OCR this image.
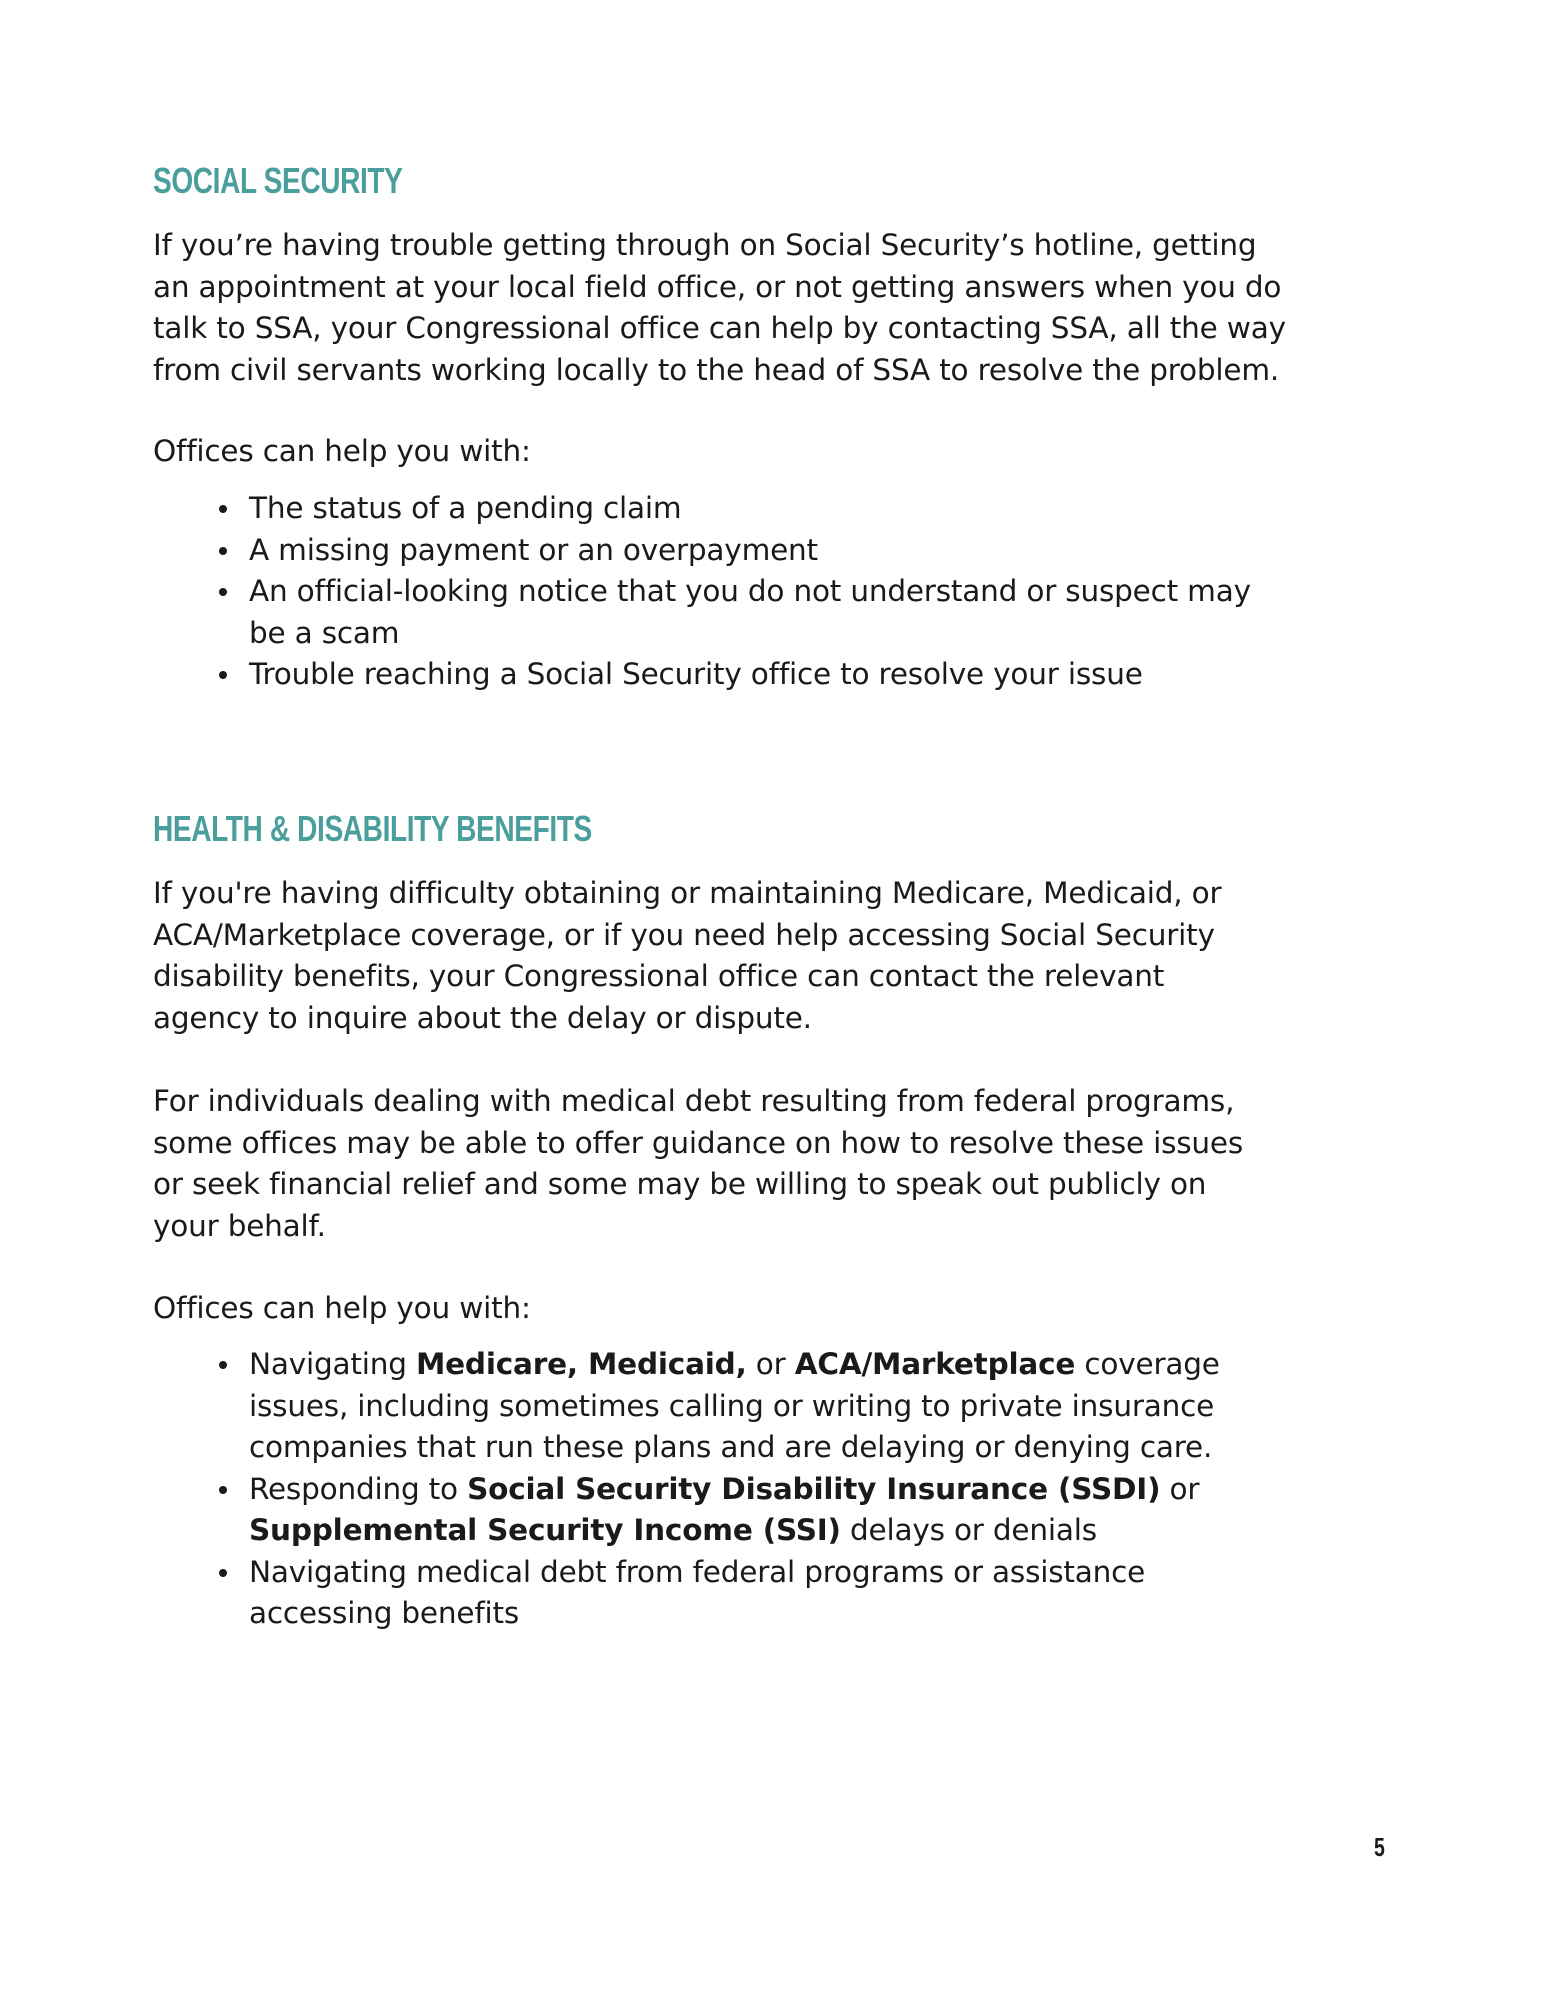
SOCIAL SECURITY

If you’re having trouble getting through on Social Security’s hotline, getting
an appointment at your local field office, or not getting answers when you do
talk to SSA, your Congressional office can help by contacting SSA, all the way
from civil servants working locally to the head of SSA to resolve the problem.

Offices can help you with:

The status of a pending claim
A missing payment or an overpayment
An official-looking notice that you do not understand or suspect may
be a scam
Trouble reaching a Social Security office to resolve your issue
HEALTH & DISABILITY BENEFITS

If you're having difficulty obtaining or maintaining Medicare, Medicaid, or
ACA/Marketplace coverage, or if you need help accessing Social Security
disability benefits, your Congressional office can contact the relevant
agency to inquire about the delay or dispute.

For individuals dealing with medical debt resulting from federal programs,
some offices may be able to offer guidance on how to resolve these issues
or seek financial relief and some may be willing to speak out publicly on
your behalf.

Offices can help you with:

Navigating Medicare, Medicaid, or ACA/Marketplace coverage
issues, including sometimes calling or writing to private insurance
companies that run these plans and are delaying or denying care.
Responding to Social Security Disability Insurance (SSDI) or
Supplemental Security Income (SSI) delays or denials
Navigating medical debt from federal programs or assistance
accessing benefits
5
